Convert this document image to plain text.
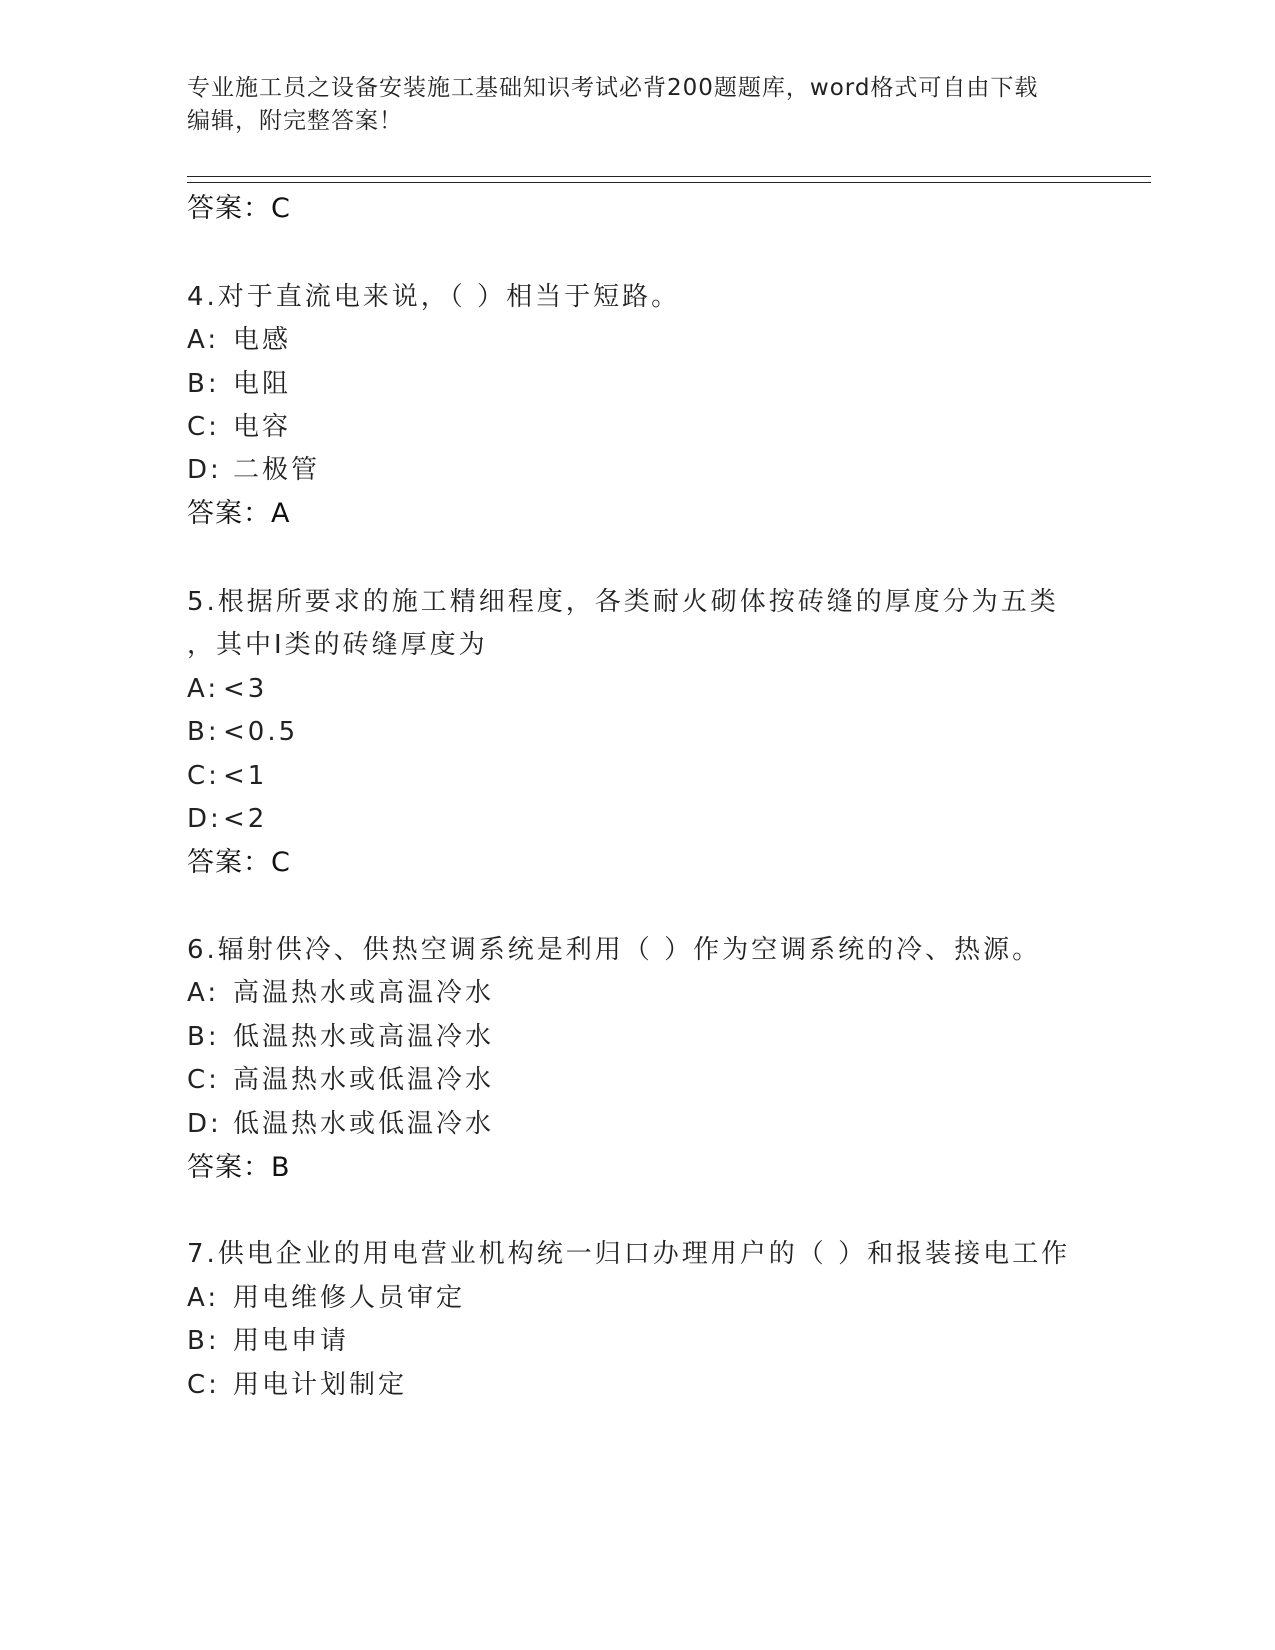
专业施工员之设备安装施工基础知识考试必背200题题库，word格式可自由下载
编辑，附完整答案！
答案：C
4.对于直流电来说，（ ）相当于短路。
A: 电感
B: 电阻
C: 电容
D: 二极管
答案：A
5.根据所要求的施工精细程度，各类耐火砌体按砖缝的厚度分为五类
，其中Ⅰ类的砖缝厚度为
A: <3
B: <0.5
C: <1
D:<2
答案：C
6.辐射供冷、供热空调系统是利用（ ）作为空调系统的冷、热源。
A: 高温热水或高温冷水
B: 低温热水或高温冷水
C: 高温热水或低温冷水
D: 低温热水或低温冷水
答案：B
7.供电企业的用电营业机构统一归口办理用户的（ ）和报装接电工作
A: 用电维修人员审定
B: 用电申请
C: 用电计划制定
